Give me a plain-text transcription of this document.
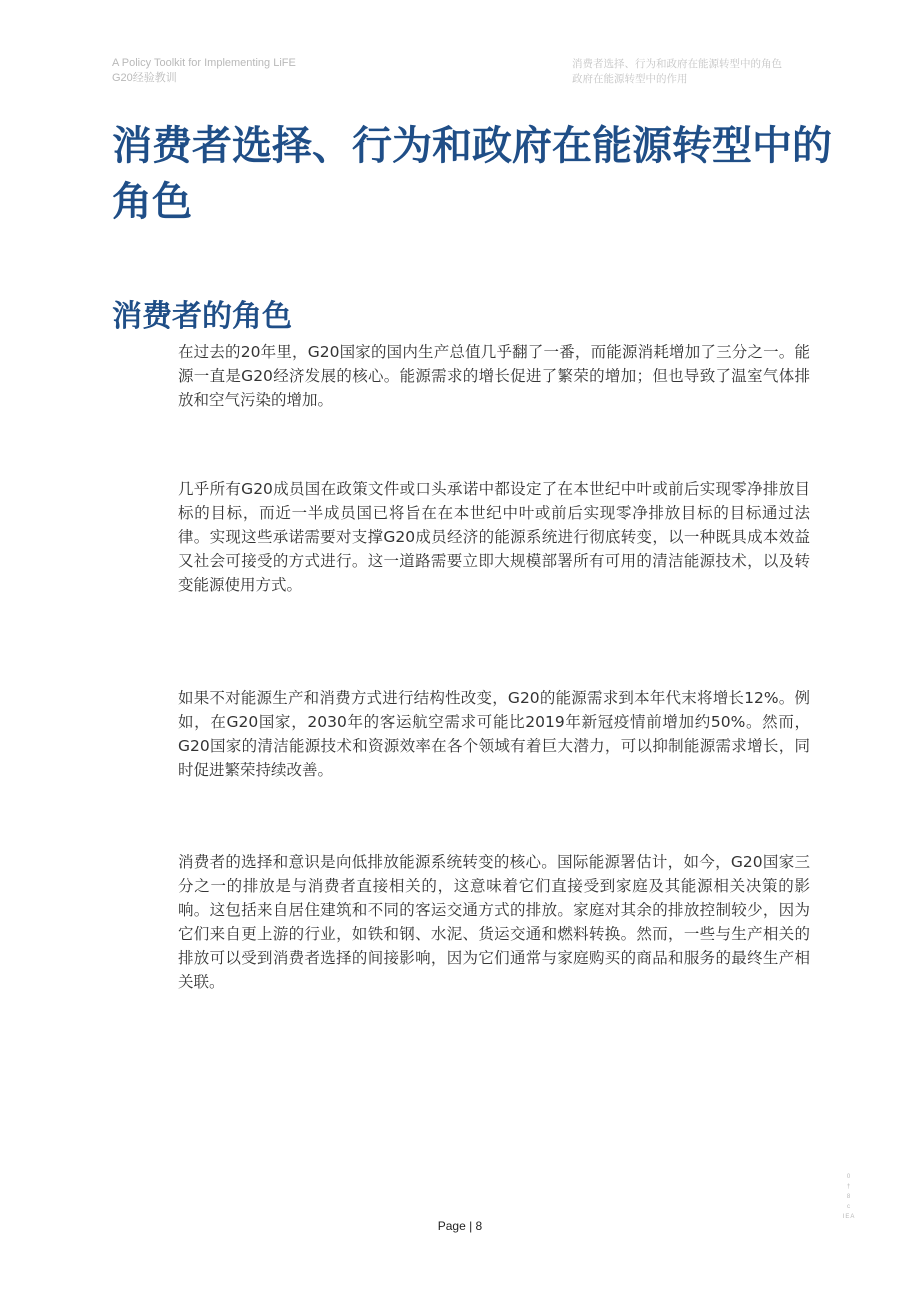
A Policy Toolkit for Implementing LiFE
G20经验教训
消费者选择、行为和政府在能源转型中的角色
政府在能源转型中的作用
消费者选择、行为和政府在能源转型中的角色
消费者的角色

在过去的20年里，G20国家的国内生产总值几乎翻了一番，而能源消耗增加了三分之一。能源一直是G20经济发展的核心。能源需求的增长促进了繁荣的增加；但也导致了温室气体排放和空气污染的增加。

几乎所有G20成员国在政策文件或口头承诺中都设定了在本世纪中叶或前后实现零净排放目标的目标，而近一半成员国已将旨在在本世纪中叶或前后实现零净排放目标的目标通过法律。实现这些承诺需要对支撑G20成员经济的能源系统进行彻底转变，以一种既具成本效益又社会可接受的方式进行。这一道路需要立即大规模部署所有可用的清洁能源技术，以及转变能源使用方式。

如果不对能源生产和消费方式进行结构性改变，G20的能源需求到本年代末将增长12%。例如，在G20国家，2030年的客运航空需求可能比2019年新冠疫情前增加约50%。然而，G20国家的清洁能源技术和资源效率在各个领域有着巨大潜力，可以抑制能源需求增长，同时促进繁荣持续改善。

消费者的选择和意识是向低排放能源系统转变的核心。国际能源署估计，如今，G20国家三分之一的排放是与消费者直接相关的，这意味着它们直接受到家庭及其能源相关决策的影响。这包括来自居住建筑和不同的客运交通方式的排放。家庭对其余的排放控制较少，因为它们来自更上游的行业，如铁和钢、水泥、货运交通和燃料转换。然而，一些与生产相关的排放可以受到消费者选择的间接影响，因为它们通常与家庭购买的商品和服务的最终生产相关联。

0
†
8
c
IEA
Page | 8
